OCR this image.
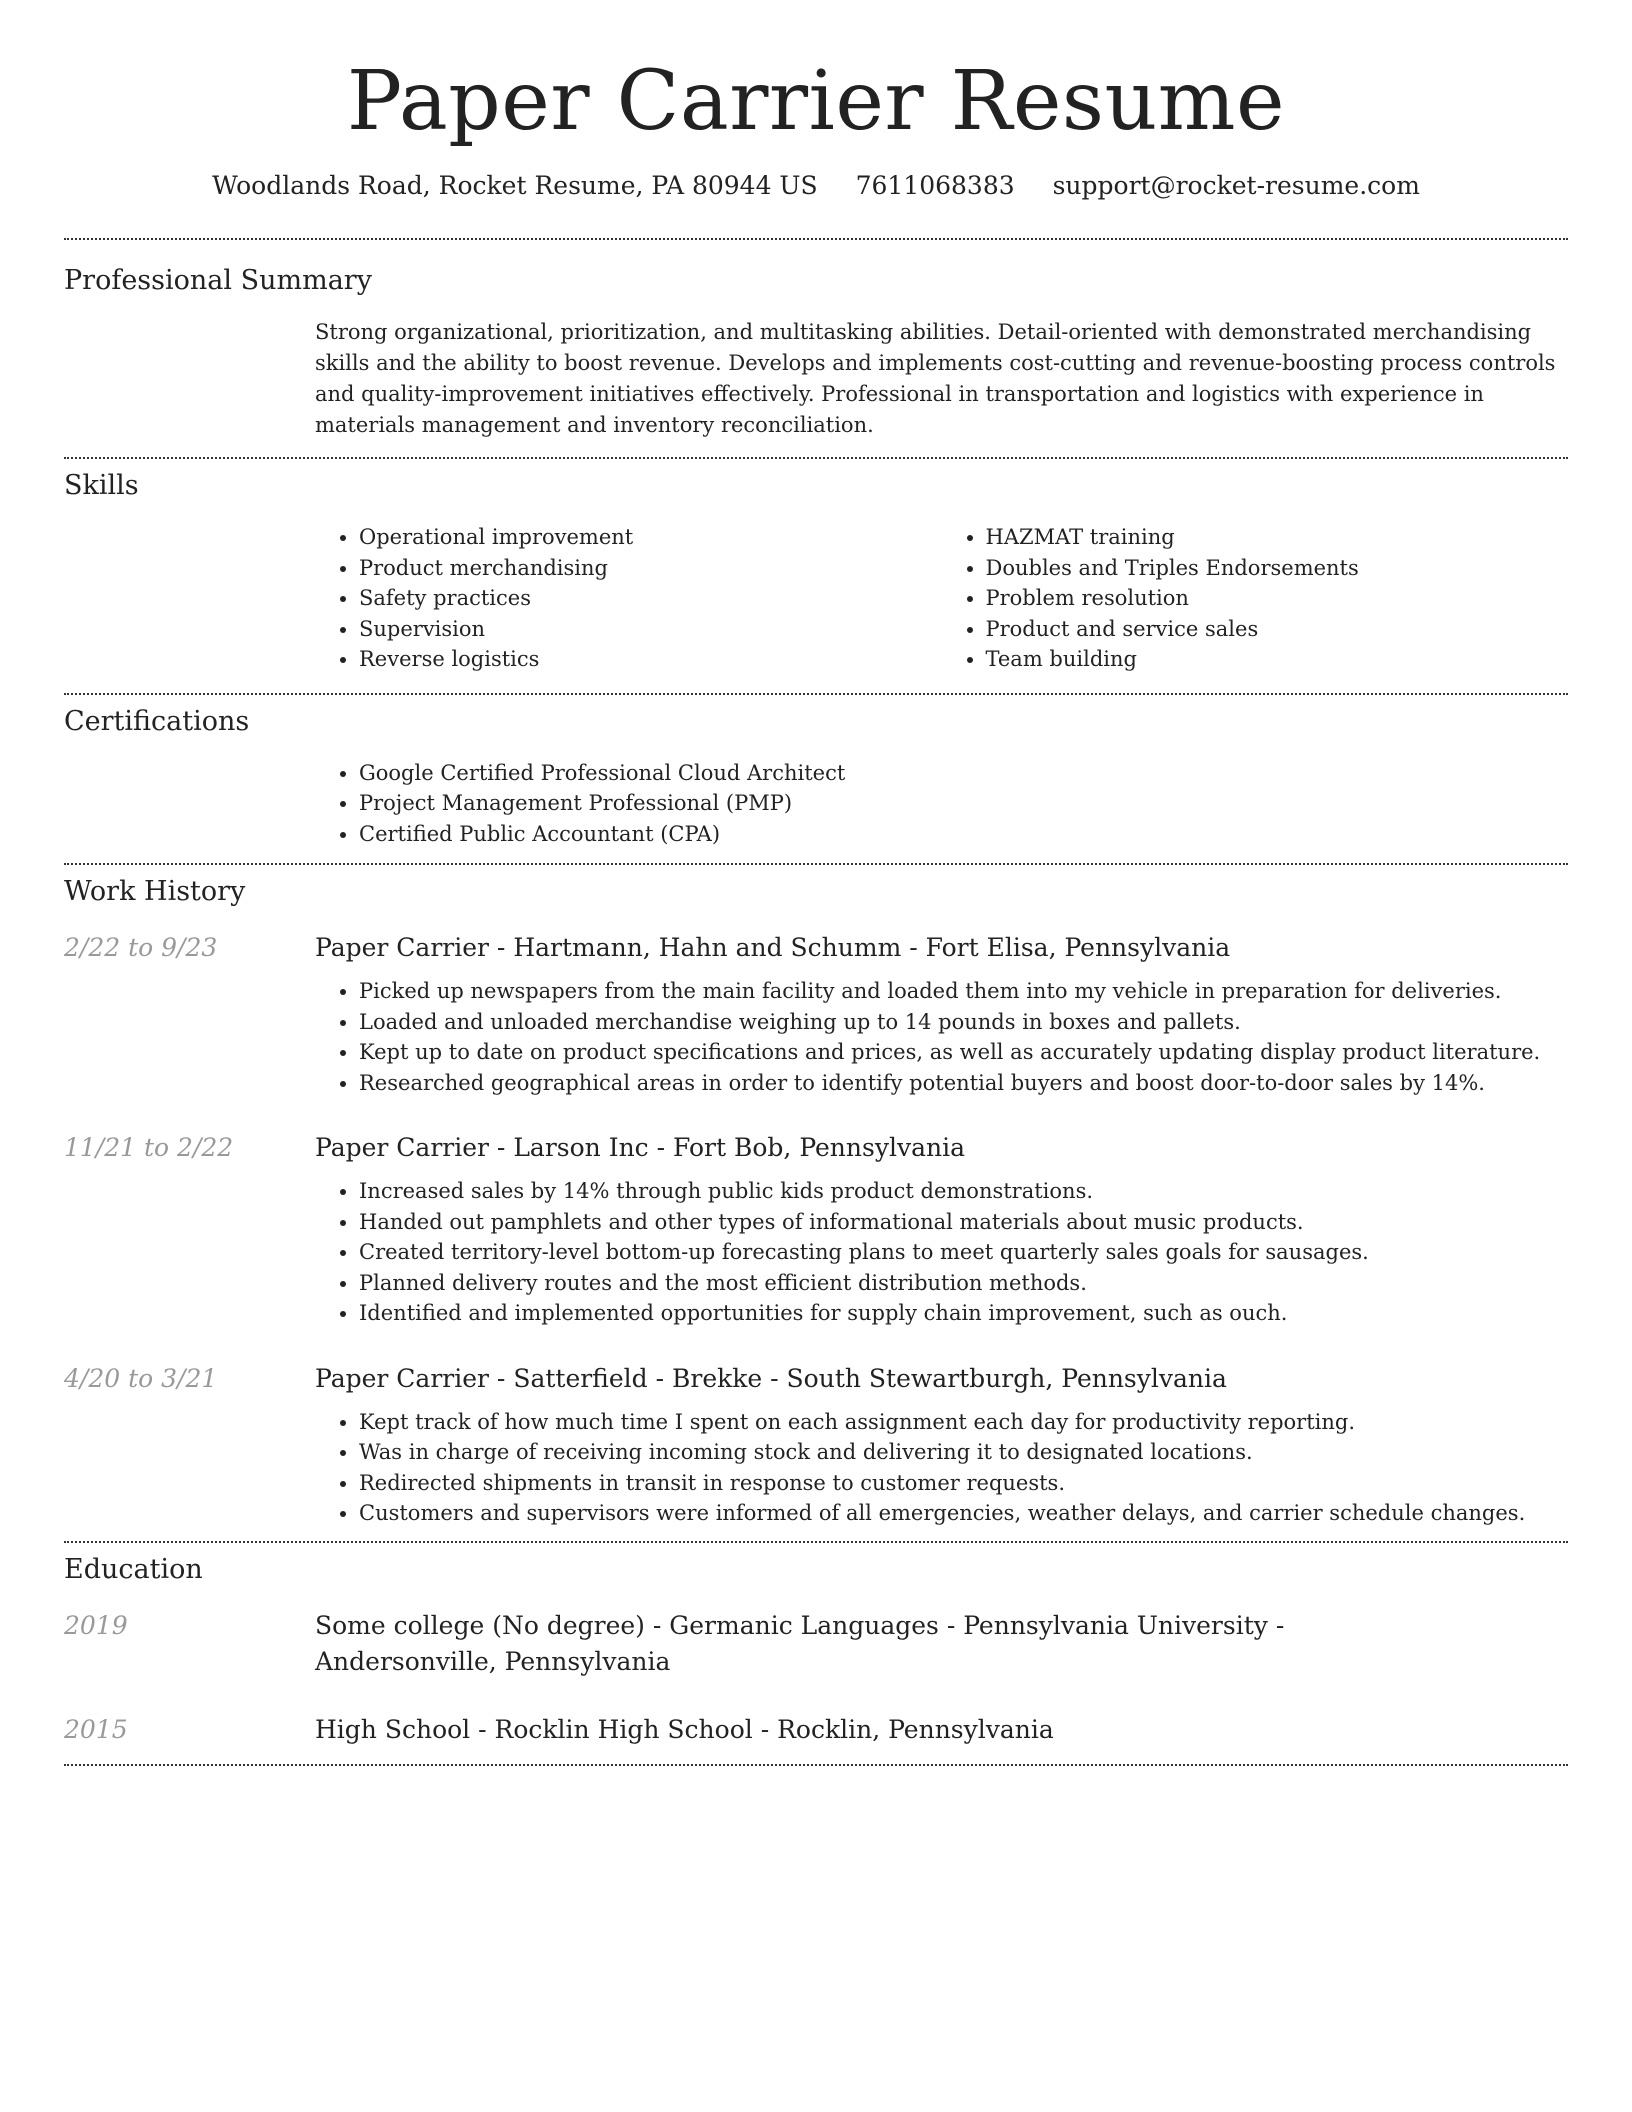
Paper Carrier Resume
Woodlands Road, Rocket Resume, PA 80944 US 7611068383 support@rocket-resume.com
Professional Summary
Strong organizational, prioritization, and multitasking abilities. Detail-oriented with demonstrated merchandising skills and the ability to boost revenue. Develops and implements cost-cutting and revenue-boosting process controls and quality-improvement initiatives effectively. Professional in transportation and logistics with experience in materials management and inventory reconciliation.
Skills
• Operational improvement
• Product merchandising
• Safety practices
• Supervision
• Reverse logistics
• HAZMAT training
• Doubles and Triples Endorsements
• Problem resolution
• Product and service sales
• Team building
Certifications
• Google Certified Professional Cloud Architect
• Project Management Professional (PMP)
• Certified Public Accountant (CPA)
Work History
2/22 to 9/23	Paper Carrier - Hartmann, Hahn and Schumm - Fort Elisa, Pennsylvania
• Picked up newspapers from the main facility and loaded them into my vehicle in preparation for deliveries.
• Loaded and unloaded merchandise weighing up to 14 pounds in boxes and pallets.
• Kept up to date on product specifications and prices, as well as accurately updating display product literature.
• Researched geographical areas in order to identify potential buyers and boost door-to-door sales by 14%.
11/21 to 2/22	Paper Carrier - Larson Inc - Fort Bob, Pennsylvania
• Increased sales by 14% through public kids product demonstrations.
• Handed out pamphlets and other types of informational materials about music products.
• Created territory-level bottom-up forecasting plans to meet quarterly sales goals for sausages.
• Planned delivery routes and the most efficient distribution methods.
• Identified and implemented opportunities for supply chain improvement, such as ouch.
4/20 to 3/21	Paper Carrier - Satterfield - Brekke - South Stewartburgh, Pennsylvania
• Kept track of how much time I spent on each assignment each day for productivity reporting.
• Was in charge of receiving incoming stock and delivering it to designated locations.
• Redirected shipments in transit in response to customer requests.
• Customers and supervisors were informed of all emergencies, weather delays, and carrier schedule changes.
Education
2019	Some college (No degree) - Germanic Languages - Pennsylvania University - Andersonville, Pennsylvania
2015	High School - Rocklin High School - Rocklin, Pennsylvania
